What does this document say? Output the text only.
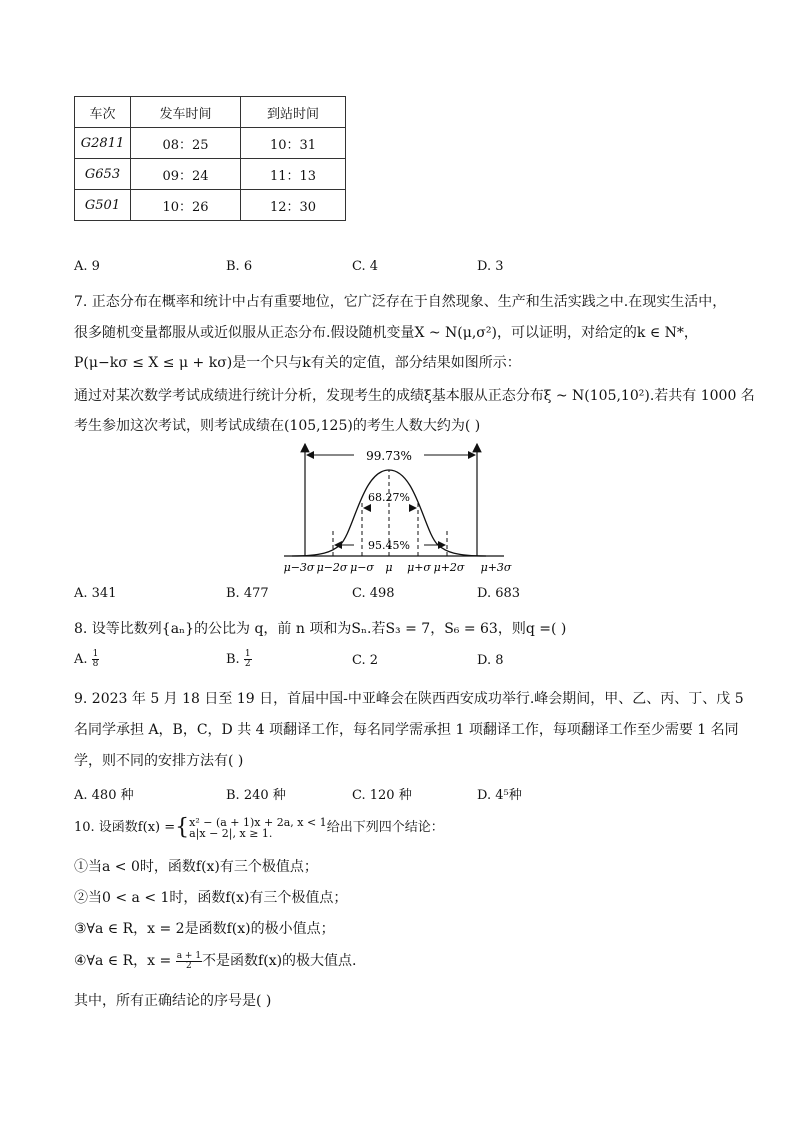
车次	发车时间	到站时间
G2811	08：25	10：31
G653	09：24	11：13
G501	10：26	12：30
A. 9	B. 6	C. 4	D. 3
7. 正态分布在概率和统计中占有重要地位，它广泛存在于自然现象、生产和生活实践之中.在现实生活中，
很多随机变量都服从或近似服从正态分布.假设随机变量X ~ N(μ,σ²)，可以证明，对给定的k ∈ N*，
P(μ−kσ ≤ X ≤ μ + kσ)是一个只与k有关的定值，部分结果如图所示：
通过对某次数学考试成绩进行统计分析，发现考生的成绩ξ基本服从正态分布ξ ~ N(105,10²).若共有 1000 名
考生参加这次考试，则考试成绩在(105,125)的考生人数大约为( )
99.73%
68.27%
95.45%
μ−3σ μ−2σ μ−σ μ μ+σ μ+2σ μ+3σ
A. 341	B. 477	C. 498	D. 683
8. 设等比数列{aₙ}的公比为 q，前 n 项和为Sₙ.若S₃ = 7，S₆ = 63，则q =( )
A. $\frac{1}{8}$	B. $\frac{1}{2}$	C. 2	D. 8
9. 2023 年 5 月 18 日至 19 日，首届中国-中亚峰会在陕西西安成功举行.峰会期间，甲、乙、丙、丁、戊 5
名同学承担 A，B，C，D 共 4 项翻译工作，每名同学需承担 1 项翻译工作，每项翻译工作至少需要 1 名同
学，则不同的安排方法有( )
A. 480 种	B. 240 种	C. 120 种	D. 4⁵种
10. 设函数f(x) ={ x² − (a + 1)x + 2a, x < 1
a|x − 2|, x ≥ 1.	给出下列四个结论：
①当a < 0时，函数f(x)有三个极值点；
②当0 < a < 1时，函数f(x)有三个极值点；
③∀a ∈ R，x = 2是函数f(x)的极小值点；
④∀a ∈ R，$x = \frac{a + 1}{2}$ 不是函数f(x)的极大值点.
其中，所有正确结论的序号是( )
